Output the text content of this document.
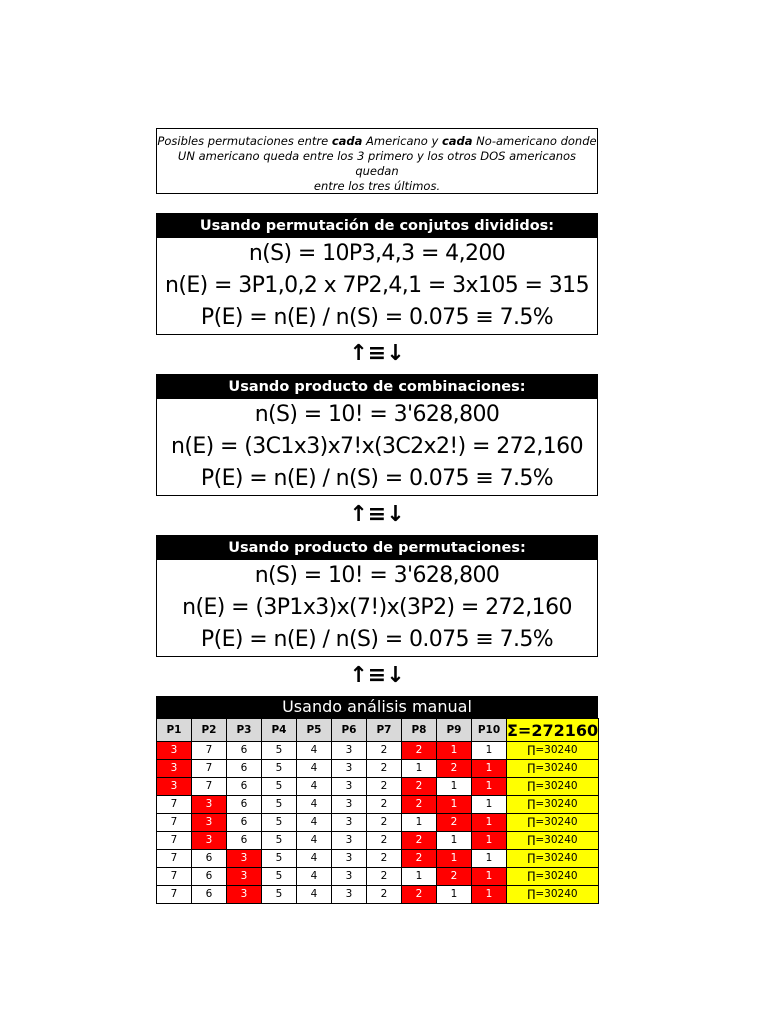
Posibles permutaciones entre cada Americano y cada No-americano donde
UN americano queda entre los 3 primero y los otros DOS americanos quedan
entre los tres últimos.
Usando permutación de conjutos divididos:
n(S) = 10P3,4,3 = 4,200
n(E) = 3P1,0,2 x 7P2,4,1 = 3x105 = 315
P(E) = n(E) / n(S) = 0.075 ≡ 7.5%
↑≡↓
Usando producto de combinaciones:
n(S) = 10! = 3'628,800
n(E) = (3C1x3)x7!x(3C2x2!) = 272,160
P(E) = n(E) / n(S) = 0.075 ≡ 7.5%
↑≡↓
Usando producto de permutaciones:
n(S) = 10! = 3'628,800
n(E) = (3P1x3)x(7!)x(3P2) = 272,160
P(E) = n(E) / n(S) = 0.075 ≡ 7.5%
↑≡↓
Usando análisis manual
P1	P2	P3	P4	P5	P6	P7	P8	P9	P10	Σ=272160
3	7	6	5	4	3	2	2	1	1	∏=30240
3	7	6	5	4	3	2	1	2	1	∏=30240
3	7	6	5	4	3	2	2	1	1	∏=30240
7	3	6	5	4	3	2	2	1	1	∏=30240
7	3	6	5	4	3	2	1	2	1	∏=30240
7	3	6	5	4	3	2	2	1	1	∏=30240
7	6	3	5	4	3	2	2	1	1	∏=30240
7	6	3	5	4	3	2	1	2	1	∏=30240
7	6	3	5	4	3	2	2	1	1	∏=30240
